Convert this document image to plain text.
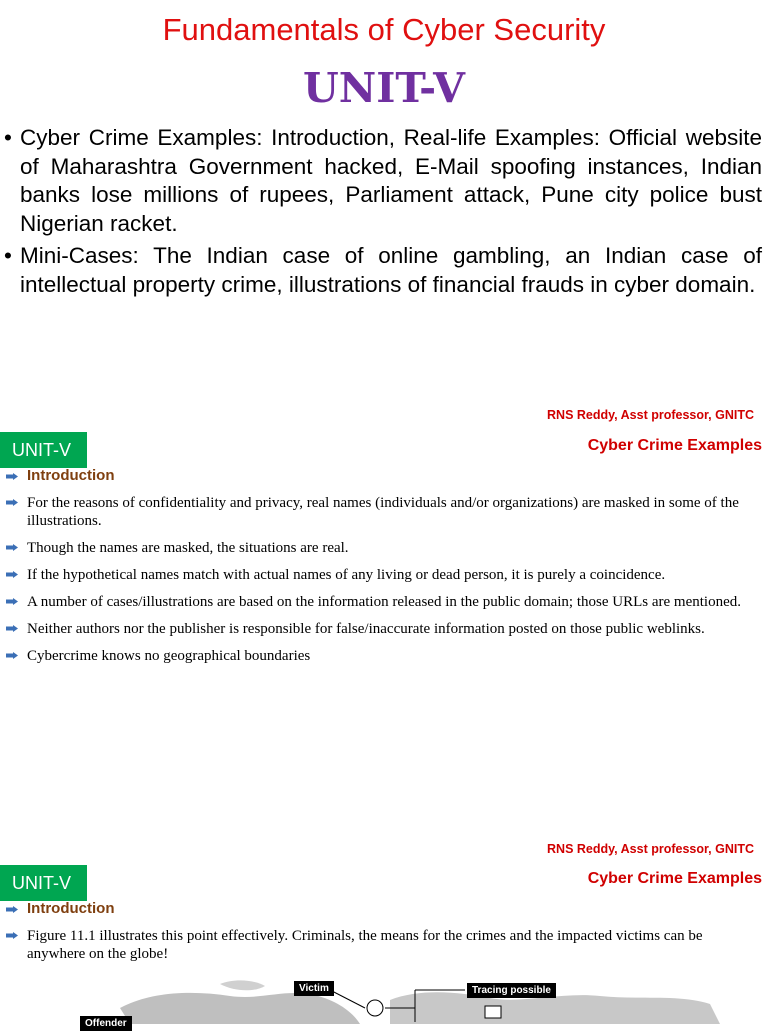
Fundamentals of Cyber Security
UNIT-V
• Cyber Crime Examples: Introduction, Real-life Examples: Official website of Maharashtra Government hacked, E-Mail spoofing instances, Indian banks lose millions of rupees, Parliament attack, Pune city police bust Nigerian racket.
• Mini-Cases: The Indian case of online gambling, an Indian case of intellectual property crime, illustrations of financial frauds in cyber domain.
RNS Reddy, Asst professor, GNITC
UNIT-V	Cyber Crime Examples
Introduction
For the reasons of confidentiality and privacy, real names (individuals and/or organizations) are masked in some of the illustrations.
Though the names are masked, the situations are real.
If the hypothetical names match with actual names of any living or dead person, it is purely a coincidence.
A number of cases/illustrations are based on the information released in the public domain; those URLs are mentioned.
Neither authors nor the publisher is responsible for false/inaccurate information posted on those public weblinks.
Cybercrime knows no geographical boundaries
RNS Reddy, Asst professor, GNITC
UNIT-V	Cyber Crime Examples
Introduction
Figure 11.1 illustrates this point effectively. Criminals, the means for the crimes and the impacted victims can be anywhere on the globe!
Victim	Tracing possible
Offender
